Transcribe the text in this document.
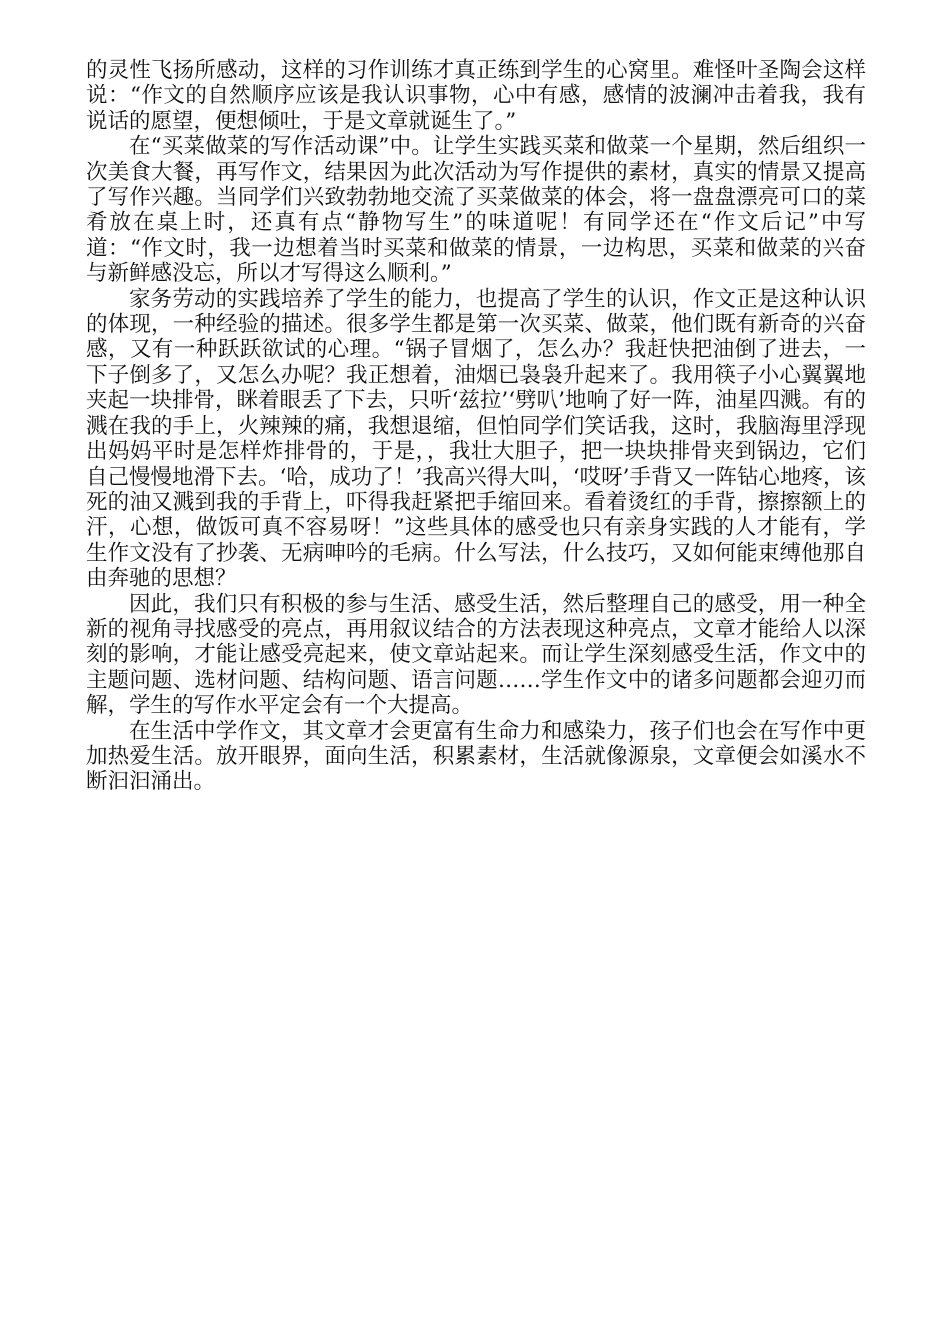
的灵性飞扬所感动，这样的习作训练才真正练到学生的心窝里。难怪叶圣陶会这样说：“作文的自然顺序应该是我认识事物，心中有感，感情的波澜冲击着我，我有说话的愿望，便想倾吐，于是文章就诞生了。”

在“买菜做菜的写作活动课”中。让学生实践买菜和做菜一个星期，然后组织一次美食大餐，再写作文，结果因为此次活动为写作提供的素材，真实的情景又提高了写作兴趣。当同学们兴致勃勃地交流了买菜做菜的体会，将一盘盘漂亮可口的菜肴放在桌上时，还真有点“静物写生”的味道呢！有同学还在“作文后记”中写道：“作文时，我一边想着当时买菜和做菜的情景，一边构思，买菜和做菜的兴奋与新鲜感没忘，所以才写得这么顺利。”

家务劳动的实践培养了学生的能力，也提高了学生的认识，作文正是这种认识的体现，一种经验的描述。很多学生都是第一次买菜、做菜，他们既有新奇的兴奋感，又有一种跃跃欲试的心理。“锅子冒烟了，怎么办？我赶快把油倒了进去，一下子倒多了，又怎么办呢？我正想着，油烟已袅袅升起来了。我用筷子小心翼翼地夹起一块排骨，眯着眼丢了下去，只听‘兹拉’‘劈叭’地响了好一阵，油星四溅。有的溅在我的手上，火辣辣的痛，我想退缩，但怕同学们笑话我，这时，我脑海里浮现出妈妈平时是怎样炸排骨的，于是，，我壮大胆子，把一块块排骨夹到锅边，它们自己慢慢地滑下去。‘哈，成功了！’我高兴得大叫，‘哎呀’手背又一阵钻心地疼，该死的油又溅到我的手背上，吓得我赶紧把手缩回来。看着烫红的手背，擦擦额上的汗，心想，做饭可真不容易呀！”这些具体的感受也只有亲身实践的人才能有，学生作文没有了抄袭、无病呻吟的毛病。什么写法，什么技巧，又如何能束缚他那自由奔驰的思想？

因此，我们只有积极的参与生活、感受生活，然后整理自己的感受，用一种全新的视角寻找感受的亮点，再用叙议结合的方法表现这种亮点，文章才能给人以深刻的影响，才能让感受亮起来，使文章站起来。而让学生深刻感受生活，作文中的主题问题、选材问题、结构问题、语言问题……学生作文中的诸多问题都会迎刃而解，学生的写作水平定会有一个大提高。

在生活中学作文，其文章才会更富有生命力和感染力，孩子们也会在写作中更加热爱生活。放开眼界，面向生活，积累素材，生活就像源泉，文章便会如溪水不断汩汩涌出。
